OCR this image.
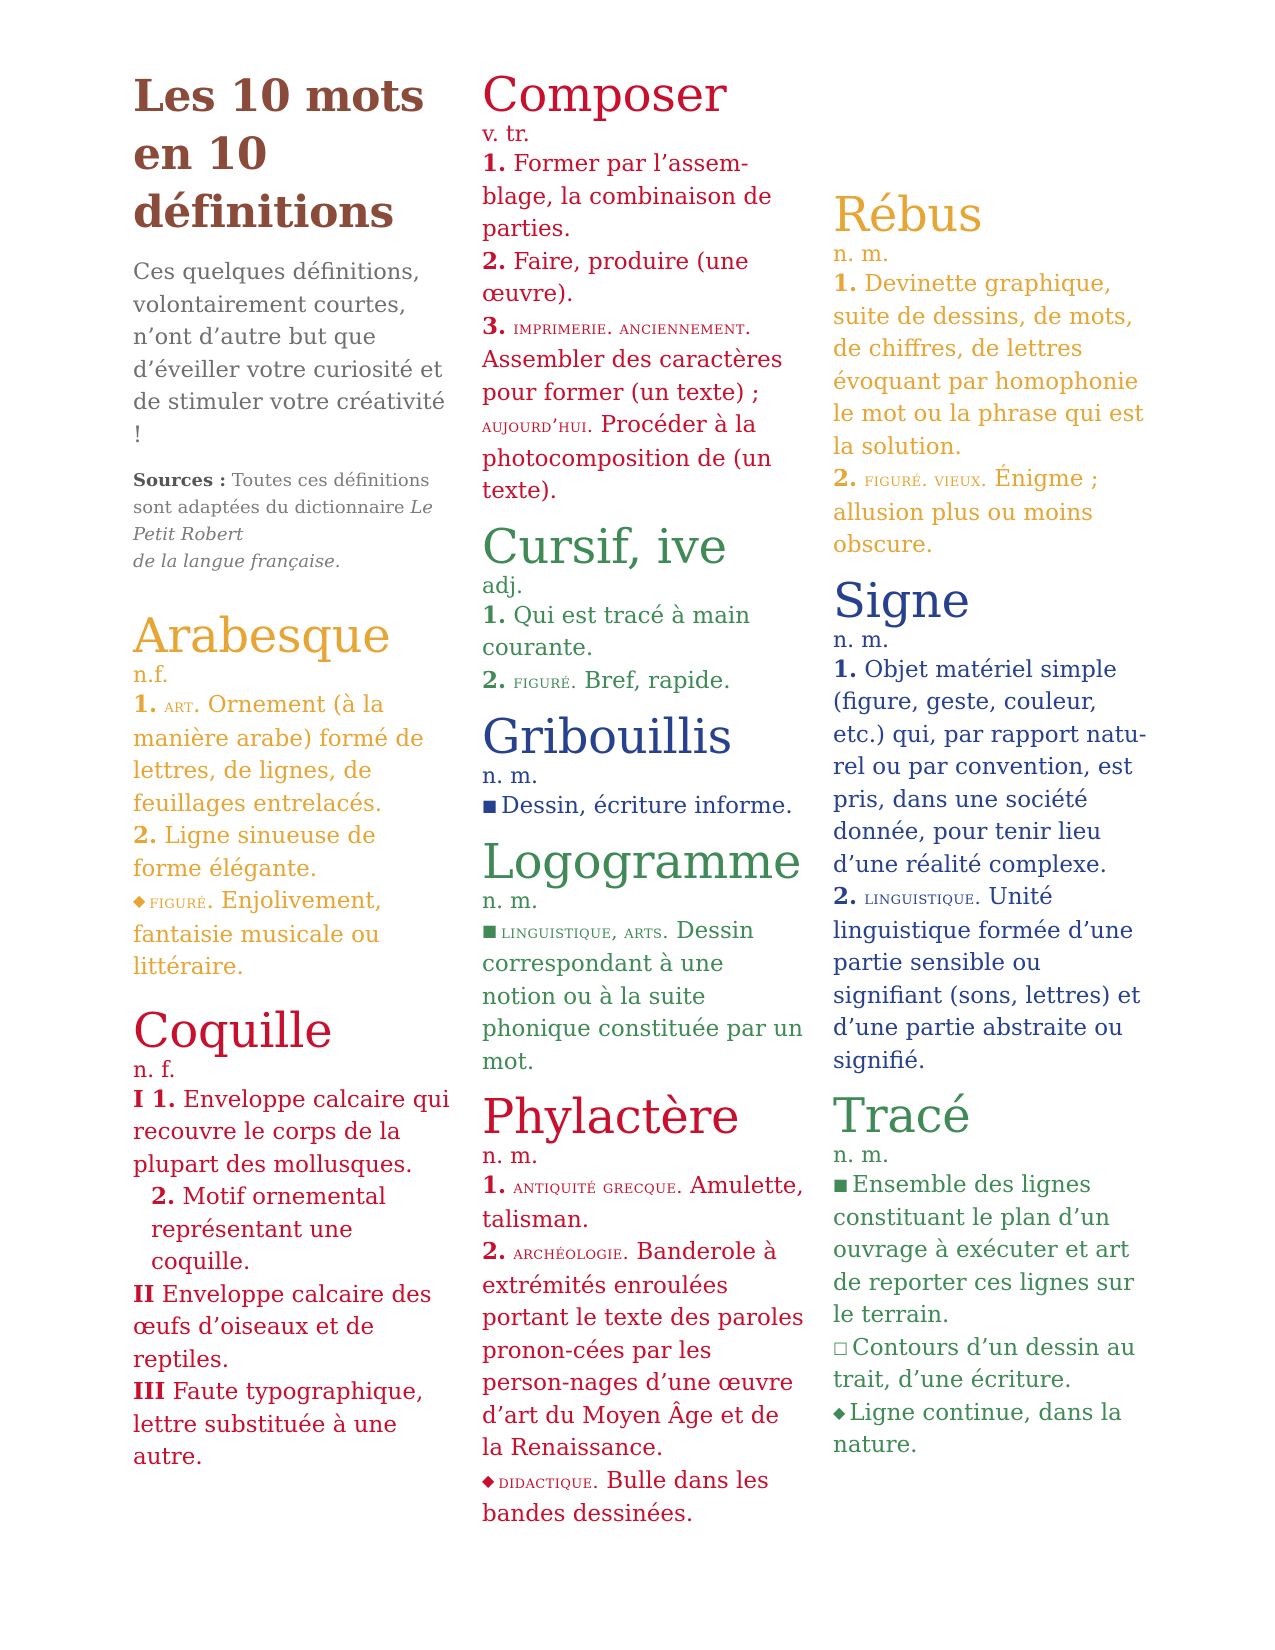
Les 10 mots
en 10
définitions

Ces quelques définitions, volontairement courtes, n’ont d’autre but que d’éveiller votre curiosité et de stimuler votre créativité !

Sources : Toutes ces définitions sont adaptées du dictionnaire Le Petit Robert
de la langue française.

Arabesque
n.f.
1. art. Ornement (à la manière arabe) formé de lettres, de lignes, de feuillages entrelacés.
2. Ligne sinueuse de forme élégante.
◆ figuré. Enjolivement, fantaisie musicale ou littéraire.
Coquille
n. f.
I 1. Enveloppe calcaire qui recouvre le corps de la plupart des mollusques.
2. Motif ornemental représentant une coquille.
II Enveloppe calcaire des œufs d’oiseaux et de reptiles.
III Faute typographique, lettre substituée à une autre.
Composer
v. tr.
1. Former par l’assem-blage, la combinaison de parties.
2. Faire, produire (une œuvre).
3. imprimerie. anciennement. Assembler des caractères pour former (un texte) ; aujourd’hui. Procéder à la photocomposition de (un texte).
Cursif, ive
adj.
1. Qui est tracé à main courante.
2. figuré. Bref, rapide.
Gribouillis
n. m.
■ Dessin, écriture informe.
Logogramme
n. m.
■ linguistique, arts. Dessin correspondant à une notion ou à la suite phonique constituée par un mot.
Phylactère
n. m.
1. antiquité grecque. Amulette, talisman.
2. archéologie. Banderole à extrémités enroulées portant le texte des paroles pronon-cées par les person-nages d’une œuvre d’art du Moyen Âge et de la Renaissance.
◆ didactique. Bulle dans les bandes dessinées.
Rébus
n. m.
1. Devinette graphique, suite de dessins, de mots, de chiffres, de lettres évoquant par homophonie le mot ou la phrase qui est la solution.
2. figuré. vieux. Énigme ; allusion plus ou moins obscure.
Signe
n. m.
1. Objet matériel simple (figure, geste, couleur, etc.) qui, par rapport natu-rel ou par convention, est pris, dans une société donnée, pour tenir lieu d’une réalité complexe.
2. linguistique. Unité linguistique formée d’une partie sensible ou signifiant (sons, lettres) et d’une partie abstraite ou signifié.
Tracé
n. m.
■ Ensemble des lignes constituant le plan d’un ouvrage à exécuter et art de reporter ces lignes sur le terrain.
□ Contours d’un dessin au trait, d’une écriture.
◆ Ligne continue, dans la nature.
